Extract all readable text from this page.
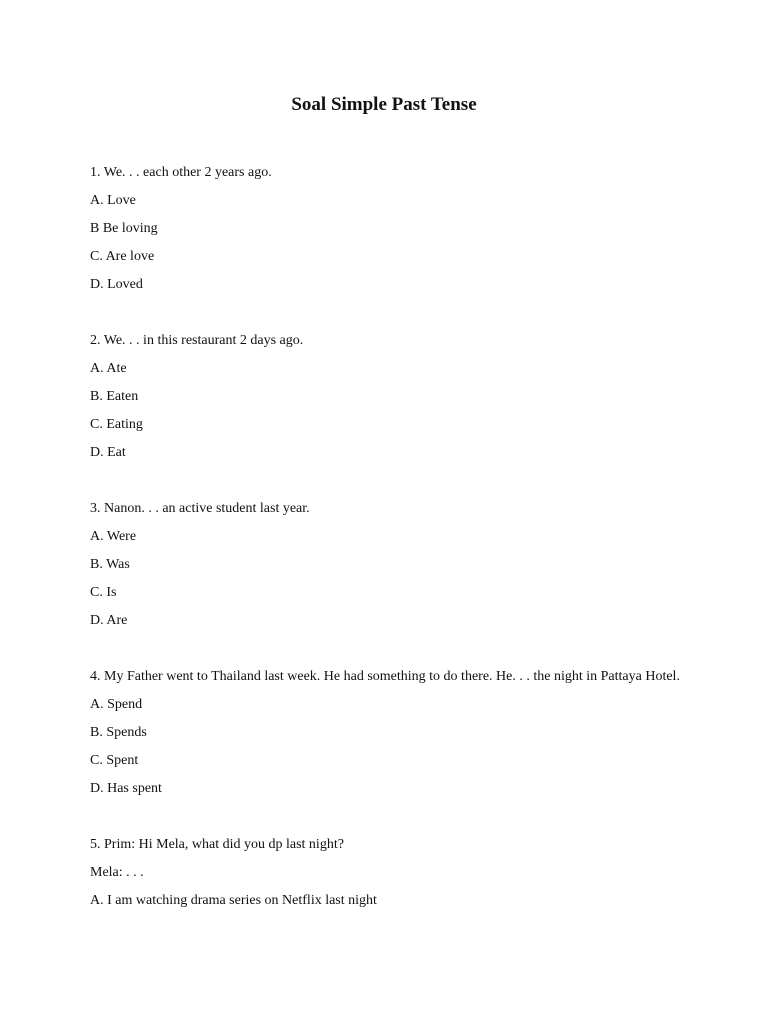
Soal Simple Past Tense

1. We. . . each other 2 years ago.

A. Love

B Be loving

C. Are love

D. Loved

2. We. . . in this restaurant 2 days ago.

A. Ate

B. Eaten

C. Eating

D. Eat

3. Nanon. . . an active student last year.

A. Were

B. Was

C. Is

D. Are

4. My Father went to Thailand last week. He had something to do there. He. . . the night in Pattaya Hotel.

A. Spend

B. Spends

C. Spent

D. Has spent

5. Prim: Hi Mela, what did you dp last night?

Mela: . . .

A. I am watching drama series on Netflix last night
